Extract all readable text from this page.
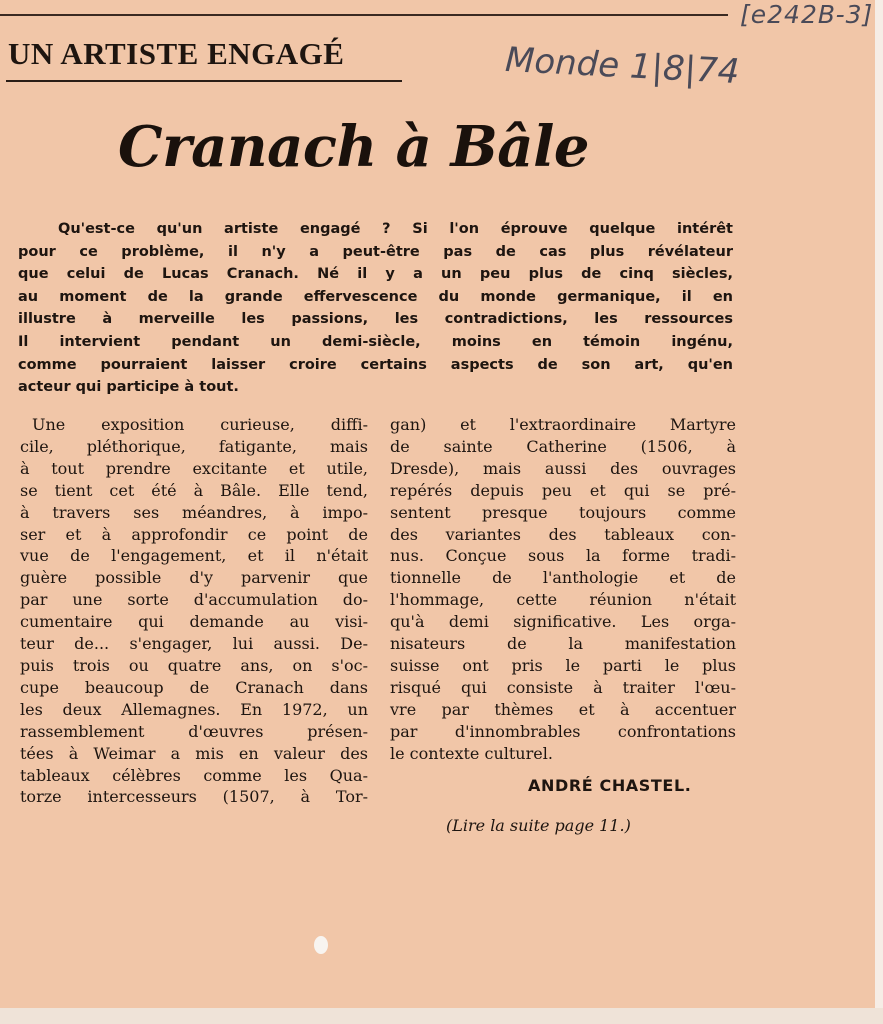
UN ARTISTE ENGAGÉ
[e242B-3]
Monde 1|8|74
Cranach à Bâle
Qu'est-ce qu'un artiste engagé ? Si l'on éprouve quelque intérêt
pour ce problème, il n'y a peut-être pas de cas plus révélateur
que celui de Lucas Cranach. Né il y a un peu plus de cinq siècles,
au moment de la grande effervescence du monde germanique, il en
illustre à merveille les passions, les contradictions, les ressources
Il intervient pendant un demi-siècle, moins en témoin ingénu,
comme pourraient laisser croire certains aspects de son art, qu'en
acteur qui participe à tout.
Une exposition curieuse, diffi-
cile, pléthorique, fatigante, mais
à tout prendre excitante et utile,
se tient cet été à Bâle. Elle tend,
à travers ses méandres, à impo-
ser et à approfondir ce point de
vue de l'engagement, et il n'était
guère possible d'y parvenir que
par une sorte d'accumulation do-
cumentaire qui demande au visi-
teur de... s'engager, lui aussi. De-
puis trois ou quatre ans, on s'oc-
cupe beaucoup de Cranach dans
les deux Allemagnes. En 1972, un
rassemblement d'œuvres présen-
tées à Weimar a mis en valeur des
tableaux célèbres comme les Qua-
torze intercesseurs (1507, à Tor-
gan) et l'extraordinaire Martyre
de sainte Catherine (1506, à
Dresde), mais aussi des ouvrages
repérés depuis peu et qui se pré-
sentent presque toujours comme
des variantes des tableaux con-
nus. Conçue sous la forme tradi-
tionnelle de l'anthologie et de
l'hommage, cette réunion n'était
qu'à demi significative. Les orga-
nisateurs de la manifestation
suisse ont pris le parti le plus
risqué qui consiste à traiter l'œu-
vre par thèmes et à accentuer
par d'innombrables confrontations
le contexte culturel.
ANDRÉ CHASTEL.
(Lire la suite page 11.)
